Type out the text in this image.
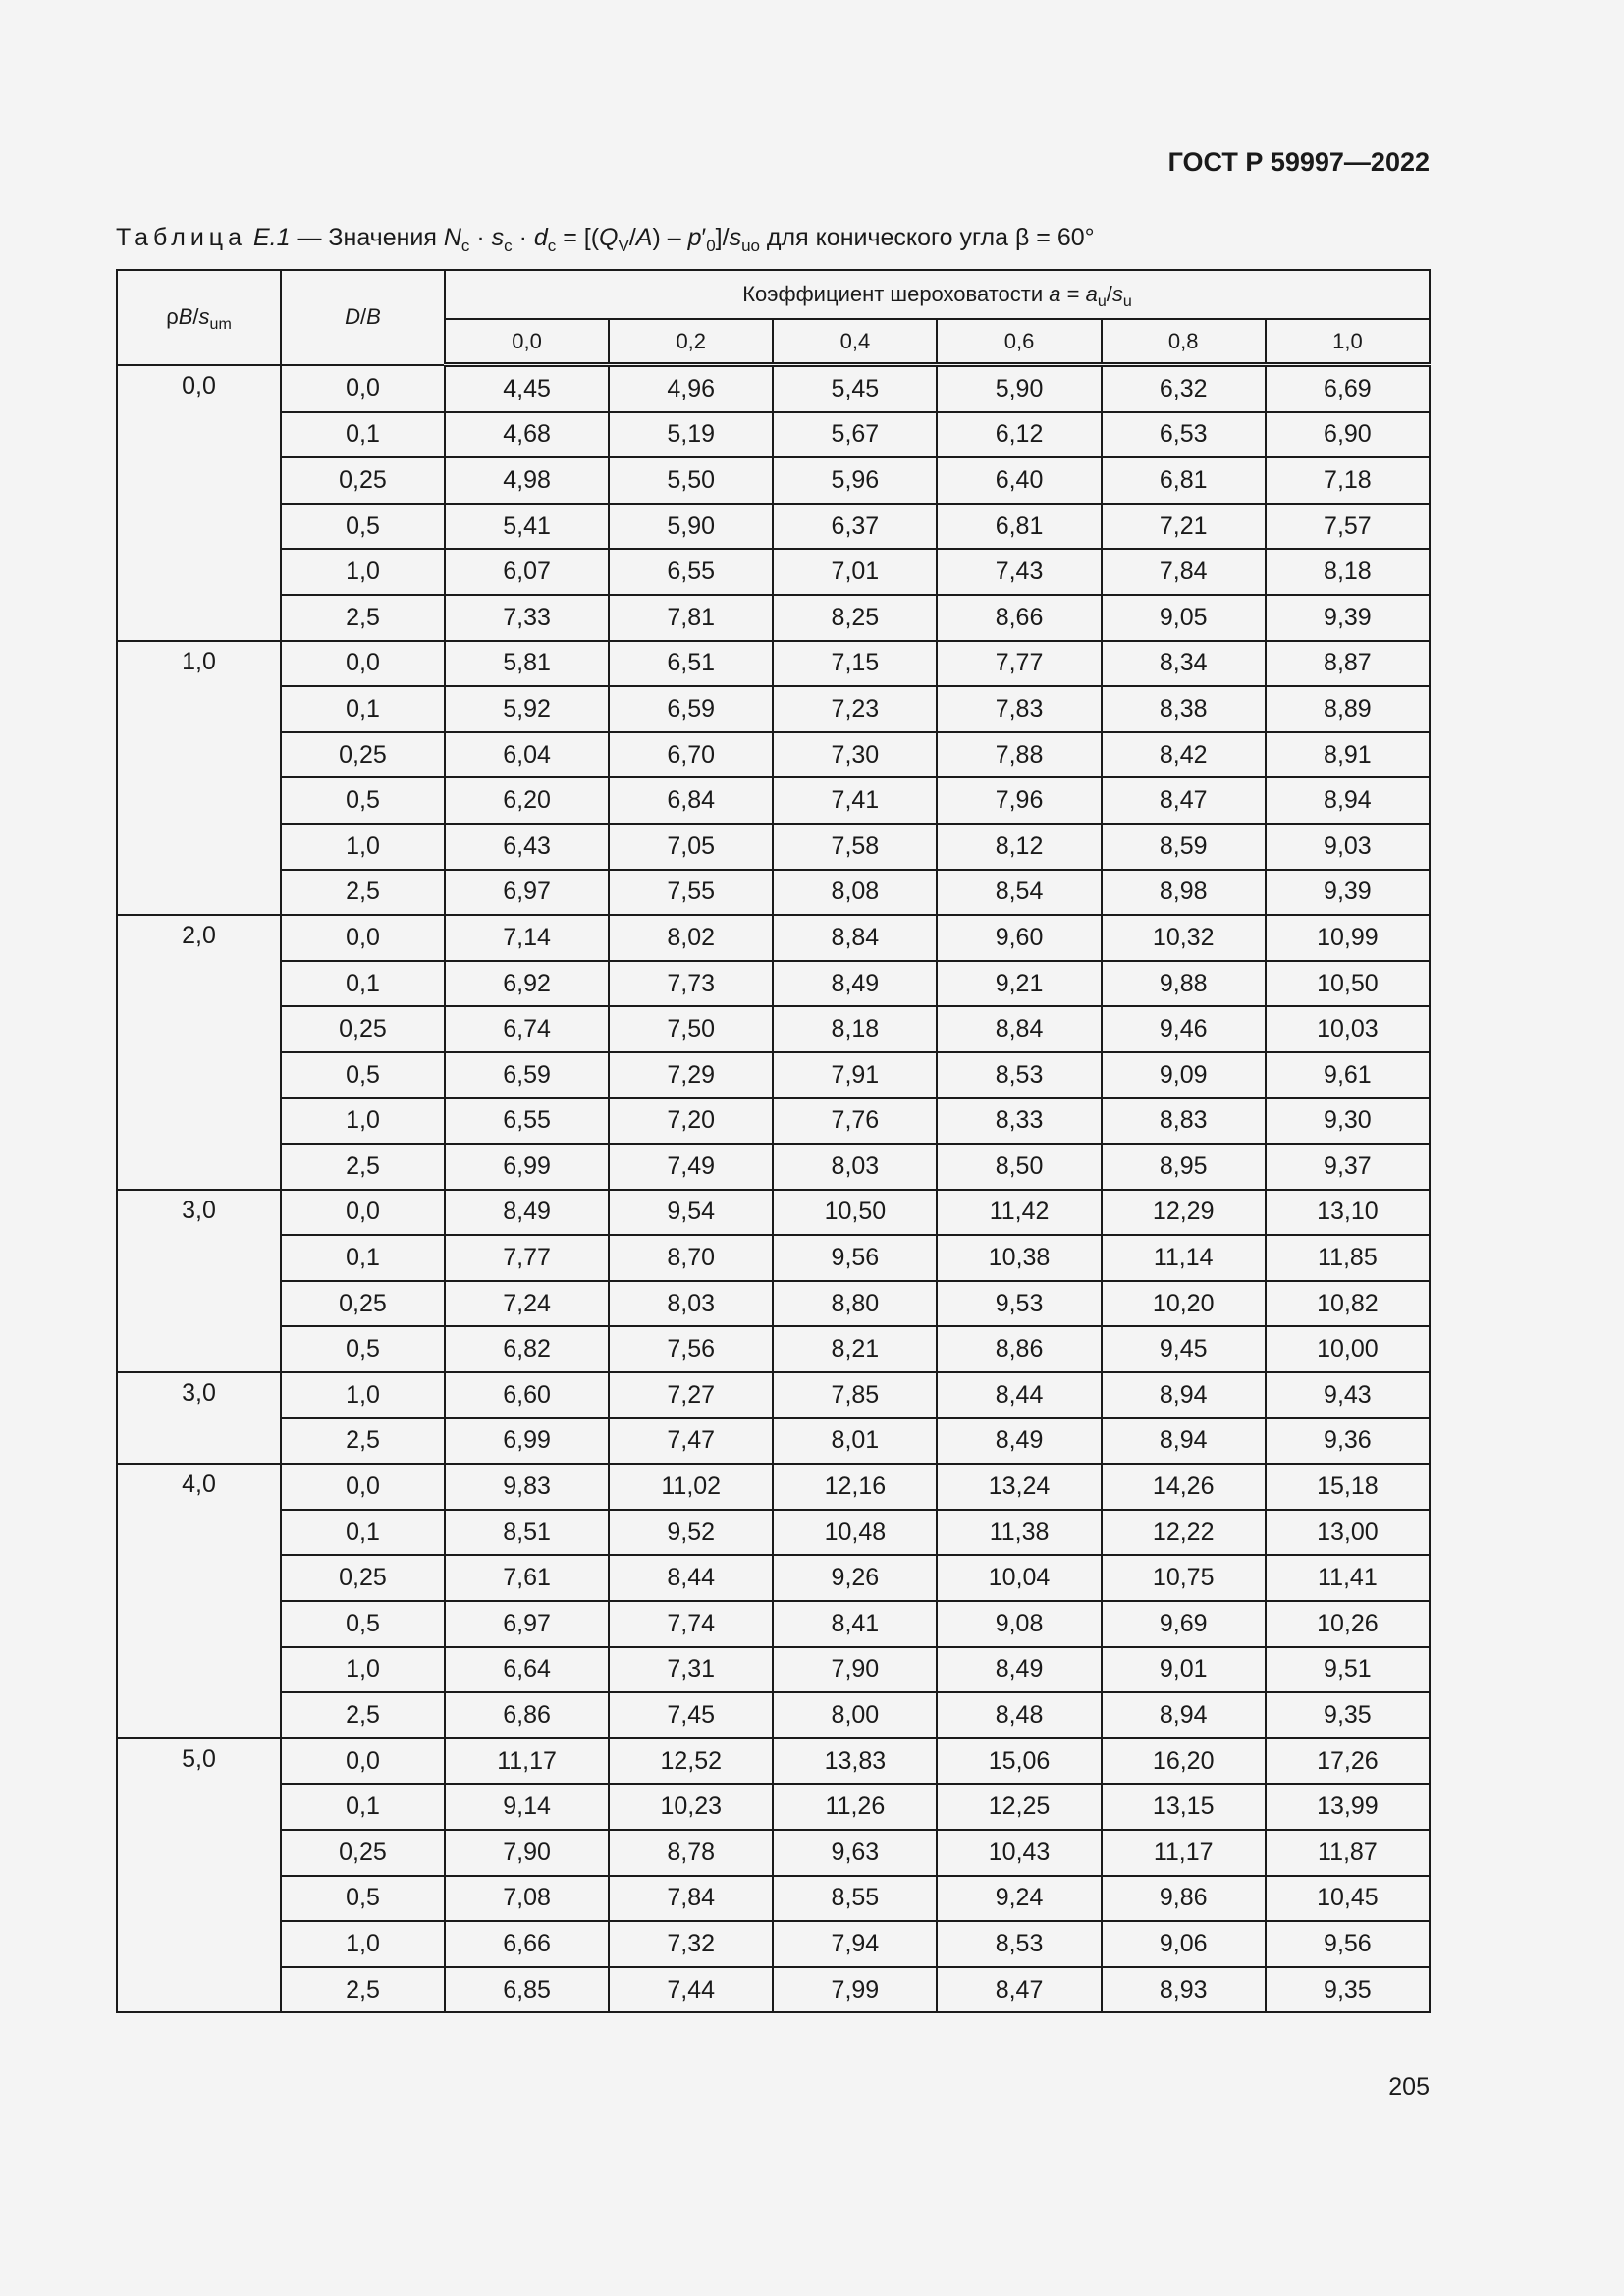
ГОСТ Р 59997—2022
Таблица E.1 — Значения $N_c \cdot s_c \cdot d_c = [(Q_V/A) - p'_0]/s_{uo}$ для конического угла β = 60°
$\rho B/s_{um}$	D/B	Коэффициент шероховатости $a = a_u/s_u$
		0,0	0,2	0,4	0,6	0,8	1,0
0,0	0,0	4,45	4,96	5,45	5,90	6,32	6,69
	0,1	4,68	5,19	5,67	6,12	6,53	6,90
	0,25	4,98	5,50	5,96	6,40	6,81	7,18
	0,5	5,41	5,90	6,37	6,81	7,21	7,57
	1,0	6,07	6,55	7,01	7,43	7,84	8,18
	2,5	7,33	7,81	8,25	8,66	9,05	9,39
1,0	0,0	5,81	6,51	7,15	7,77	8,34	8,87
	0,1	5,92	6,59	7,23	7,83	8,38	8,89
	0,25	6,04	6,70	7,30	7,88	8,42	8,91
	0,5	6,20	6,84	7,41	7,96	8,47	8,94
	1,0	6,43	7,05	7,58	8,12	8,59	9,03
	2,5	6,97	7,55	8,08	8,54	8,98	9,39
2,0	0,0	7,14	8,02	8,84	9,60	10,32	10,99
	0,1	6,92	7,73	8,49	9,21	9,88	10,50
	0,25	6,74	7,50	8,18	8,84	9,46	10,03
	0,5	6,59	7,29	7,91	8,53	9,09	9,61
	1,0	6,55	7,20	7,76	8,33	8,83	9,30
	2,5	6,99	7,49	8,03	8,50	8,95	9,37
3,0	0,0	8,49	9,54	10,50	11,42	12,29	13,10
	0,1	7,77	8,70	9,56	10,38	11,14	11,85
	0,25	7,24	8,03	8,80	9,53	10,20	10,82
	0,5	6,82	7,56	8,21	8,86	9,45	10,00
3,0	1,0	6,60	7,27	7,85	8,44	8,94	9,43
	2,5	6,99	7,47	8,01	8,49	8,94	9,36
4,0	0,0	9,83	11,02	12,16	13,24	14,26	15,18
	0,1	8,51	9,52	10,48	11,38	12,22	13,00
	0,25	7,61	8,44	9,26	10,04	10,75	11,41
	0,5	6,97	7,74	8,41	9,08	9,69	10,26
	1,0	6,64	7,31	7,90	8,49	9,01	9,51
	2,5	6,86	7,45	8,00	8,48	8,94	9,35
5,0	0,0	11,17	12,52	13,83	15,06	16,20	17,26
	0,1	9,14	10,23	11,26	12,25	13,15	13,99
	0,25	7,90	8,78	9,63	10,43	11,17	11,87
	0,5	7,08	7,84	8,55	9,24	9,86	10,45
	1,0	6,66	7,32	7,94	8,53	9,06	9,56
	2,5	6,85	7,44	7,99	8,47	8,93	9,35
205
